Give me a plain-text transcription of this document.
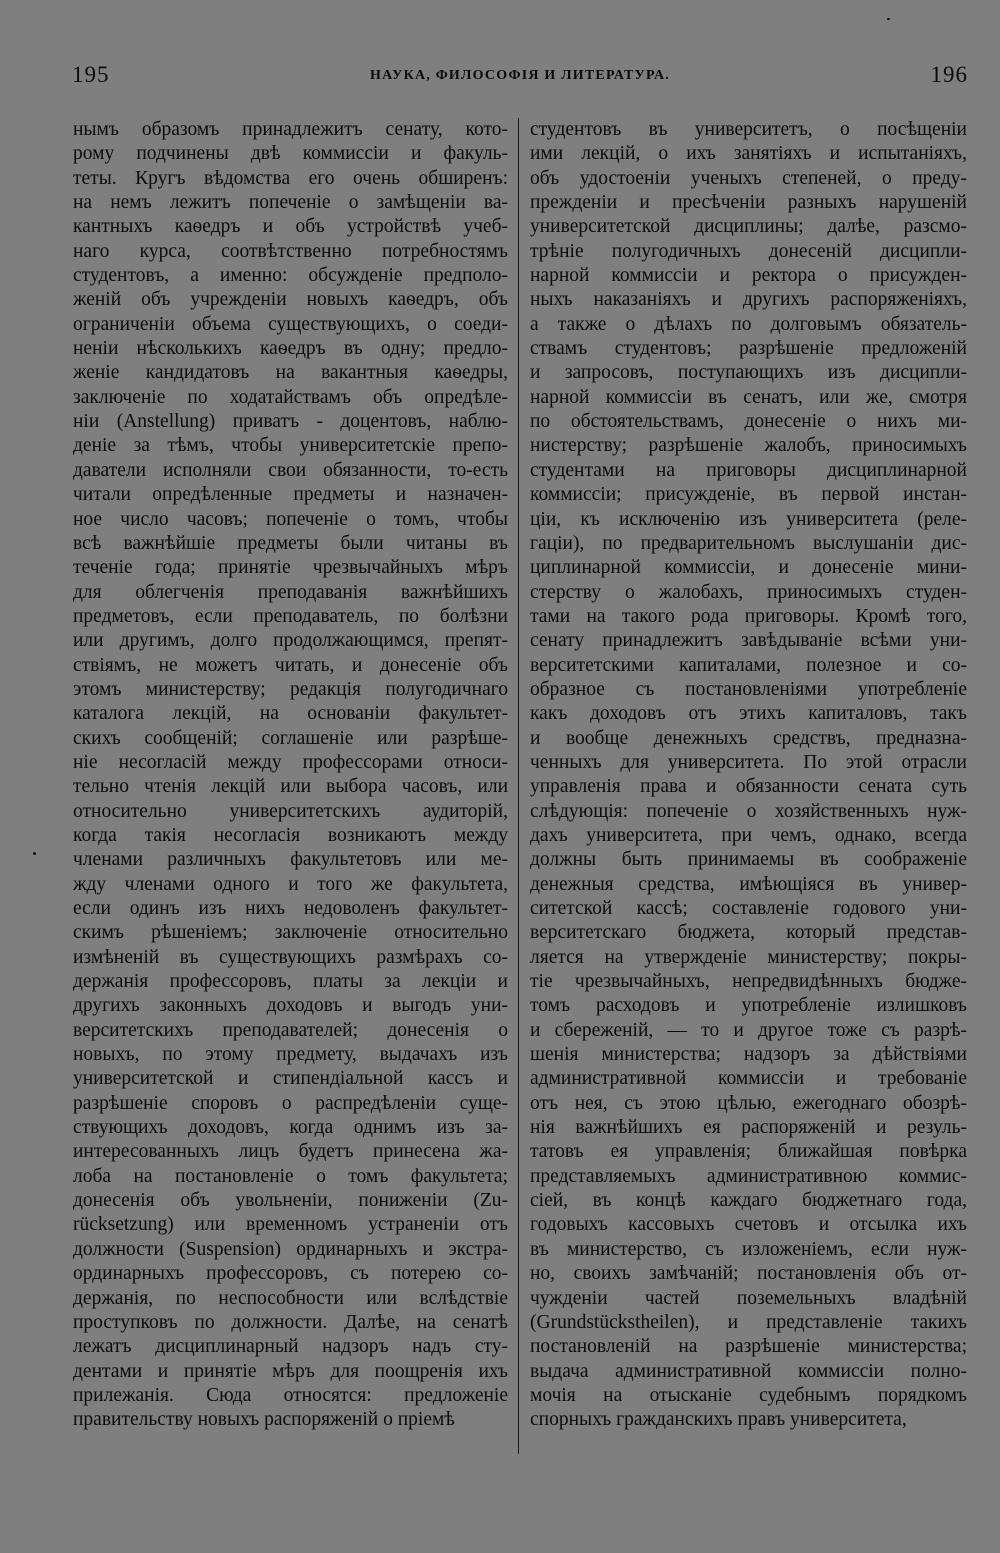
195	НАУКА, ФИЛОСОФІЯ И ЛИТЕРАТУРА.	196
нымъ образомъ принадлежитъ сенату, кото-
рому подчинены двѣ коммиссіи и факуль-
теты. Кругъ вѣдомства его очень обширенъ:
на немъ лежитъ попеченіе о замѣщеніи ва-
кантныхъ каѳедръ и объ устройствѣ учеб-
наго курса, соотвѣтственно потребностямъ
студентовъ, а именно: обсужденіе предполо-
женій объ учрежденіи новыхъ каѳедръ, объ
ограниченіи объема существующихъ, о соеди-
неніи нѣсколькихъ каѳедръ въ одну; предло-
женіе кандидатовъ на вакантныя каѳедры,
заключеніе по ходатайствамъ объ опредѣле-
ніи (Anstellung) приватъ - доцентовъ, наблю-
деніе за тѣмъ, чтобы университетскіе препо-
даватели исполняли свои обязанности, то-есть
читали опредѣленные предметы и назначен-
ное число часовъ; попеченіе о томъ, чтобы
всѣ важнѣйшіе предметы были читаны въ
теченіе года; принятіе чрезвычайныхъ мѣръ
для облегченія преподаванія важнѣйшихъ
предметовъ, если преподаватель, по болѣзни
или другимъ, долго продолжающимся, препят-
ствіямъ, не можетъ читать, и донесеніе объ
этомъ министерству; редакція полугодичнаго
каталога лекцій, на основаніи факультет-
скихъ сообщеній; соглашеніе или разрѣше-
ніе несогласій между профессорами относи-
тельно чтенія лекцій или выбора часовъ, или
относительно университетскихъ аудиторій,
когда такія несогласія возникаютъ между
членами различныхъ факультетовъ или ме-
жду членами одного и того же факультета,
если одинъ изъ нихъ недоволенъ факультет-
скимъ рѣшеніемъ; заключеніе относительно
измѣненій въ существующихъ размѣрахъ со-
держанія профессоровъ, платы за лекціи и
другихъ законныхъ доходовъ и выгодъ уни-
верситетскихъ преподавателей; донесенія о
новыхъ, по этому предмету, выдачахъ изъ
университетской и стипендіальной кассъ и
разрѣшеніе споровъ о распредѣленіи суще-
ствующихъ доходовъ, когда однимъ изъ за-
интересованныхъ лицъ будетъ принесена жа-
лоба на постановленіе о томъ факультета;
донесенія объ увольненіи, пониженіи (Zu-
rücksetzung) или временномъ устраненіи отъ
должности (Suspension) ординарныхъ и экстра-
ординарныхъ профессоровъ, съ потерею со-
держанія, по неспособности или вслѣдствіе
проступковъ по должности. Далѣе, на сенатѣ
лежатъ дисциплинарный надзоръ надъ сту-
дентами и принятіе мѣръ для поощренія ихъ
прилежанія. Сюда относятся: предложеніе
правительству новыхъ распоряженій о пріемѣ
студентовъ въ университетъ, о посѣщеніи
ими лекцій, о ихъ занятіяхъ и испытаніяхъ,
объ удостоеніи ученыхъ степеней, о преду-
прежденіи и пресѣченіи разныхъ нарушеній
университетской дисциплины; далѣе, разсмо-
трѣніе полугодичныхъ донесеній дисципли-
нарной коммиссіи и ректора о присужден-
ныхъ наказаніяхъ и другихъ распоряженіяхъ,
а также о дѣлахъ по долговымъ обязатель-
ствамъ студентовъ; разрѣшеніе предложеній
и запросовъ, поступающихъ изъ дисципли-
нарной коммиссіи въ сенатъ, или же, смотря
по обстоятельствамъ, донесеніе о нихъ ми-
нистерству; разрѣшеніе жалобъ, приносимыхъ
студентами на приговоры дисциплинарной
коммиссіи; присужденіе, въ первой инстан-
ціи, къ исключенію изъ университета (реле-
гаціи), по предварительномъ выслушаніи дис-
циплинарной коммиссіи, и донесеніе мини-
стерству о жалобахъ, приносимыхъ студен-
тами на такого рода приговоры. Кромѣ того,
сенату принадлежитъ завѣдываніе всѣми уни-
верситетскими капиталами, полезное и со-
образное съ постановленіями употребленіе
какъ доходовъ отъ этихъ капиталовъ, такъ
и вообще денежныхъ средствъ, предназна-
ченныхъ для университета. По этой отрасли
управленія права и обязанности сената суть
слѣдующія: попеченіе о хозяйственныхъ нуж-
дахъ университета, при чемъ, однако, всегда
должны быть принимаемы въ соображеніе
денежныя средства, имѣющіяся въ универ-
ситетской кассѣ; составленіе годового уни-
верситетскаго бюджета, который представ-
ляется на утвержденіе министерству; покры-
тіе чрезвычайныхъ, непредвидѣнныхъ бюдже-
томъ расходовъ и употребленіе излишковъ
и сбереженій, — то и другое тоже съ разрѣ-
шенія министерства; надзоръ за дѣйствіями
административной коммиссіи и требованіе
отъ нея, съ этою цѣлью, ежегоднаго обозрѣ-
нія важнѣйшихъ ея распоряженій и резуль-
татовъ ея управленія; ближайшая повѣрка
представляемыхъ административною коммис-
сіей, въ концѣ каждаго бюджетнаго года,
годовыхъ кассовыхъ счетовъ и отсылка ихъ
въ министерство, съ изложеніемъ, если нуж-
но, своихъ замѣчаній; постановленія объ от-
чужденіи частей поземельныхъ владѣній
(Grundstückstheilen), и представленіе такихъ
постановленій на разрѣшеніе министерства;
выдача административной коммиссіи полно-
мочія на отысканіе судебнымъ порядкомъ
спорныхъ гражданскихъ правъ университета,
